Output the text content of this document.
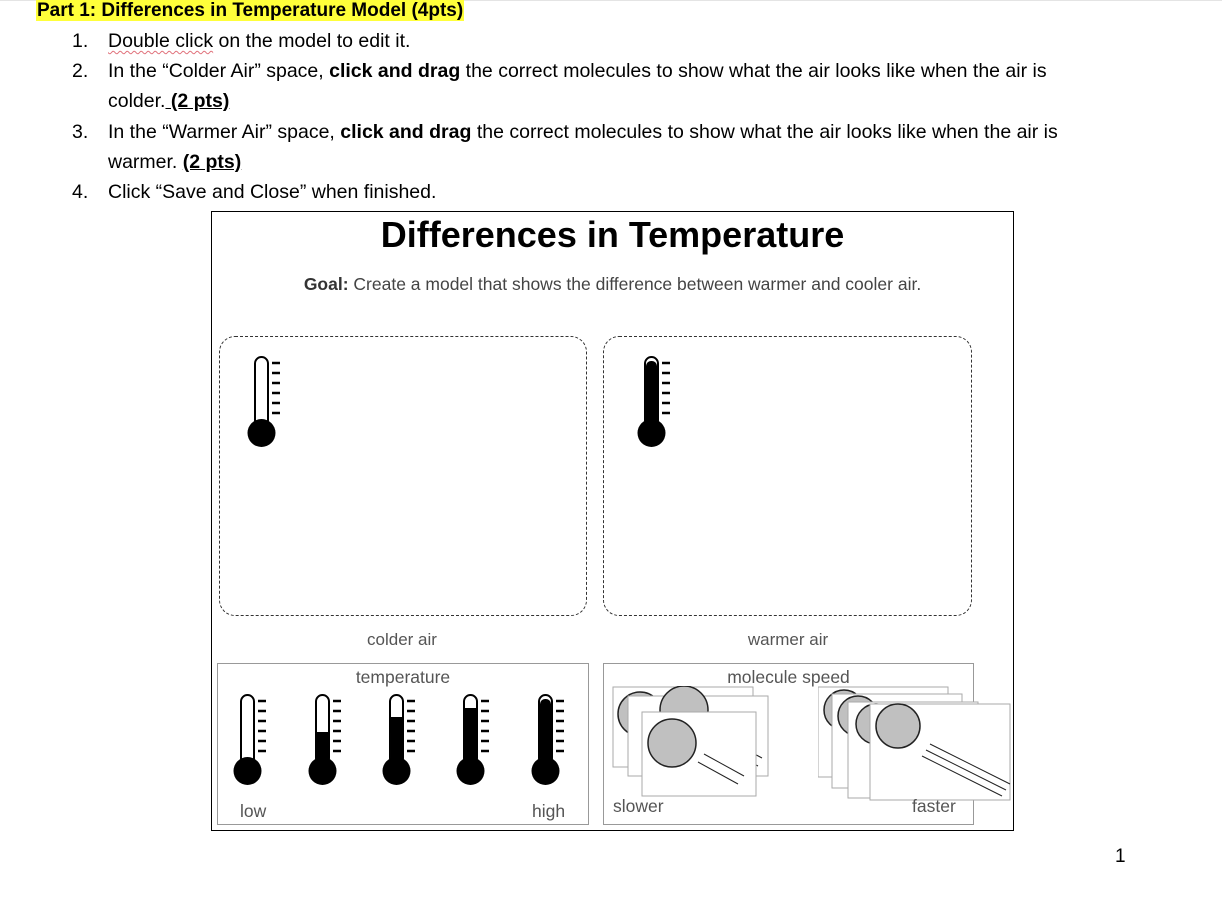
Part 1: Differences in Temperature Model (4pts)
1.	Double click on the model to edit it.
2.	In the “Colder Air” space, click and drag the correct molecules to show what the air looks like when the air is
colder. (2 pts)
3.	In the “Warmer Air” space, click and drag the correct molecules to show what the air looks like when the air is
warmer. (2 pts)
4.	Click “Save and Close” when finished.
Differences in Temperature
Goal: Create a model that shows the difference between warmer and cooler air.
colder air	warmer air
temperature
low	high
molecule speed
slower	faster
1
